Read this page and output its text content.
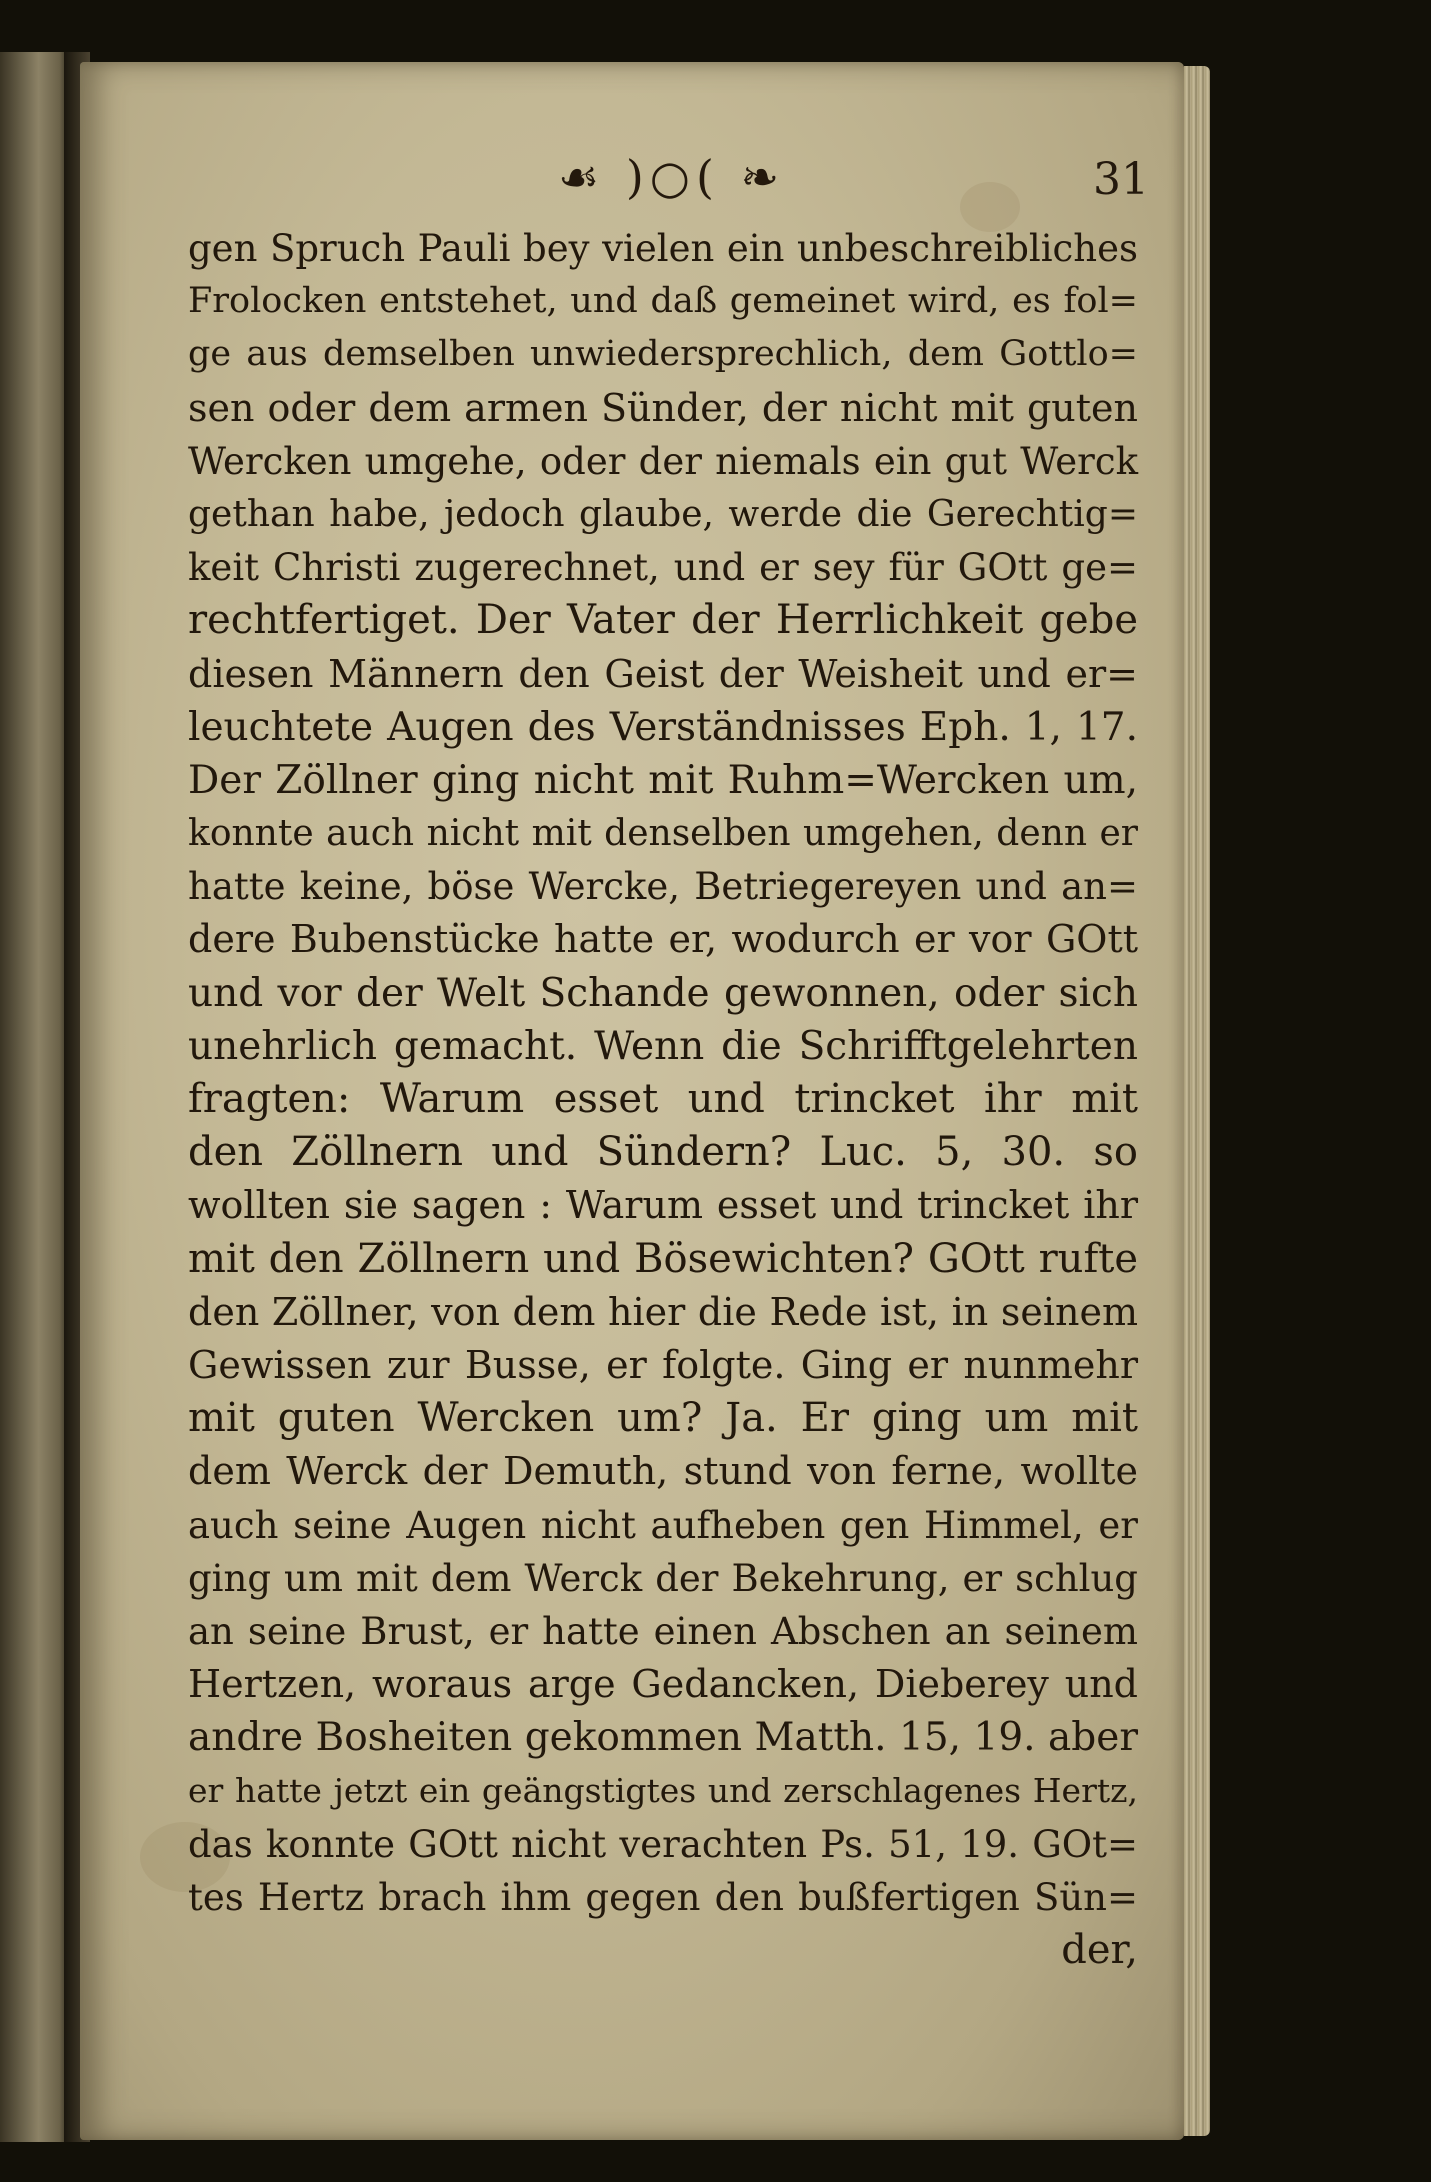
☙ )○( ❧	31
gen Spruch Pauli bey vielen ein unbeschreibliches
Frolocken entstehet, und daß gemeinet wird, es fol=
ge aus demselben unwiedersprechlich, dem Gottlo=
sen oder dem armen Sünder, der nicht mit guten
Wercken umgehe, oder der niemals ein gut Werck
gethan habe, jedoch glaube, werde die Gerechtig=
keit Christi zugerechnet, und er sey für GOtt ge=
rechtfertiget. Der Vater der Herrlichkeit gebe
diesen Männern den Geist der Weisheit und er=
leuchtete Augen des Verständnisses Eph. 1, 17.
Der Zöllner ging nicht mit Ruhm=Wercken um,
konnte auch nicht mit denselben umgehen, denn er
hatte keine, böse Wercke, Betriegereyen und an=
dere Bubenstücke hatte er, wodurch er vor GOtt
und vor der Welt Schande gewonnen, oder sich
unehrlich gemacht. Wenn die Schrifftgelehrten
fragten: Warum esset und trincket ihr mit
den Zöllnern und Sündern? Luc. 5, 30. so
wollten sie sagen : Warum esset und trincket ihr
mit den Zöllnern und Bösewichten? GOtt rufte
den Zöllner, von dem hier die Rede ist, in seinem
Gewissen zur Busse, er folgte. Ging er nunmehr
mit guten Wercken um? Ja. Er ging um mit
dem Werck der Demuth, stund von ferne, wollte
auch seine Augen nicht aufheben gen Himmel, er
ging um mit dem Werck der Bekehrung, er schlug
an seine Brust, er hatte einen Abschen an seinem
Hertzen, woraus arge Gedancken, Dieberey und
andre Bosheiten gekommen Matth. 15, 19. aber
er hatte jetzt ein geängstigtes und zerschlagenes Hertz,
das konnte GOtt nicht verachten Ps. 51, 19. GOt=
tes Hertz brach ihm gegen den bußfertigen Sün=
der,
